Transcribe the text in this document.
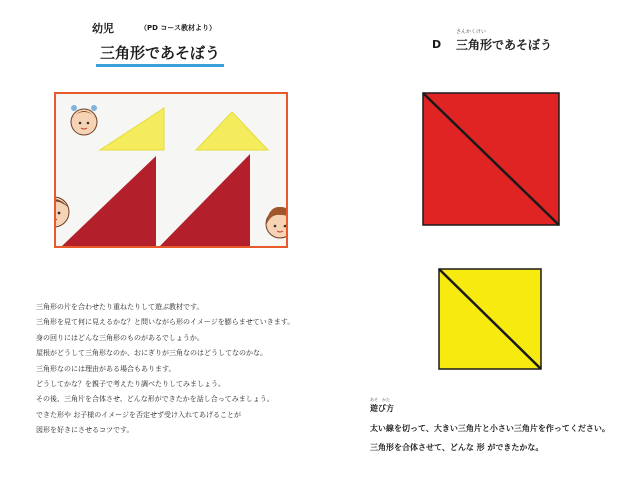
幼児	（PD コース教材より）
三角形であそぼう
三角形の片を合わせたり重ねたりして遊ぶ教材です。
三角形を見て何に見えるかな？と問いながら形のイメージを膨らませていきます。
身の回りにはどんな三角形のものがあるでしょうか。
屋根がどうして三角形なのか、おにぎりが三角なのはどうしてなのかな。
三角形なのには理由がある場合もあります。
どうしてかな？を親子で考えたり調べたりしてみましょう。
その後、三角片を合体させ、どんな形ができたかを話し合ってみましょう。
できた形や お子様のイメージを否定せず受け入れてあげることが
図形を好きにさせるコツです。
D
さんかくけい
三角形であそぼう
あそ　かた
遊び方
太い線を切って、大きい三角片と小さい三角片を作ってください。
三角形を合体させて、どんな 形 ができたかな。
